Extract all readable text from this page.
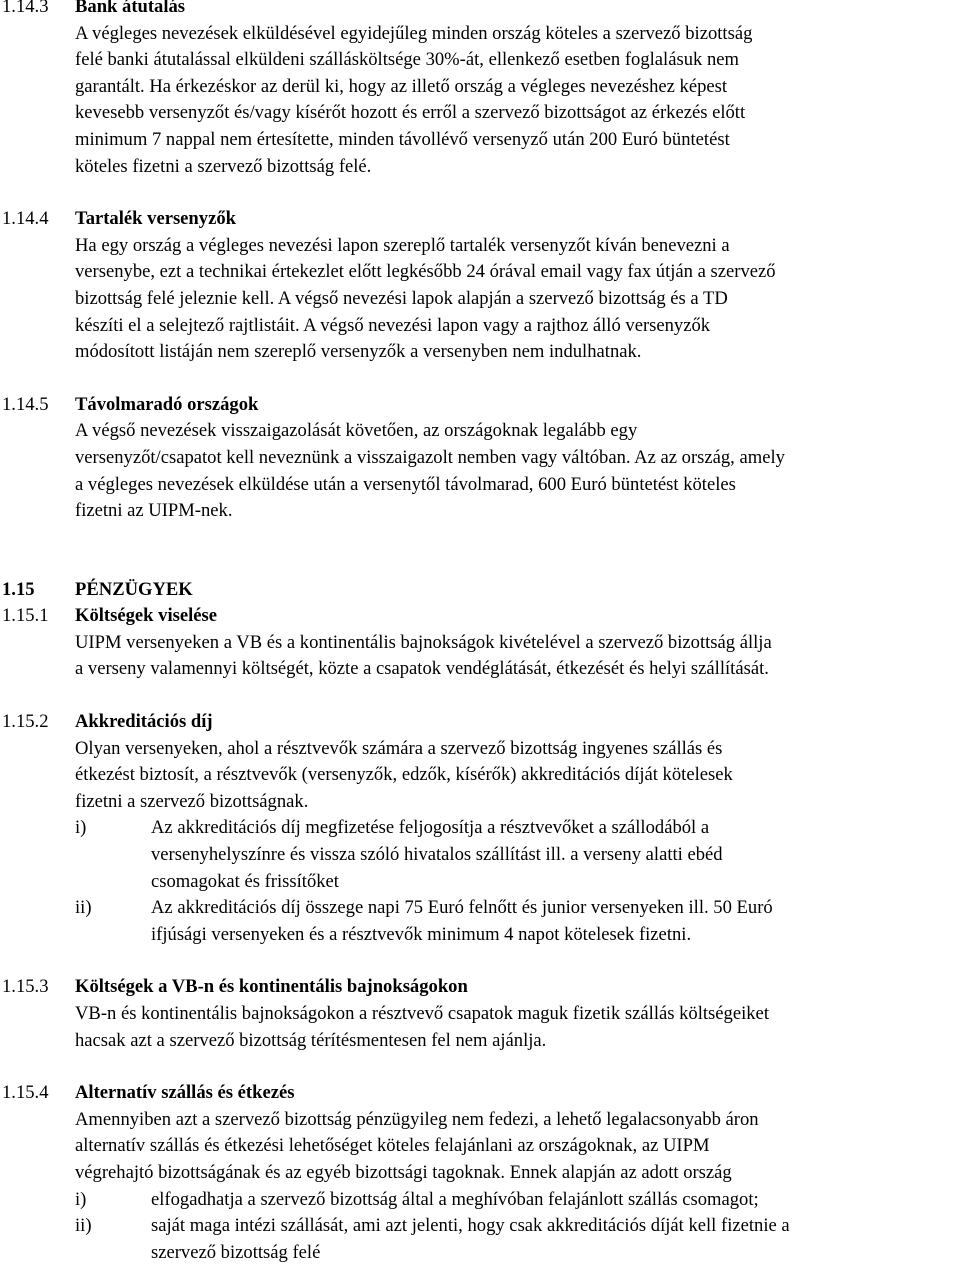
1.14.3 Bank átutalás
A végleges nevezések elküldésével egyidejűleg minden ország köteles a szervező bizottság
felé banki átutalással elküldeni szállásköltsége 30%-át, ellenkező esetben foglalásuk nem
garantált. Ha érkezéskor az derül ki, hogy az illető ország a végleges nevezéshez képest
kevesebb versenyzőt és/vagy kísérőt hozott és erről a szervező bizottságot az érkezés előtt
minimum 7 nappal nem értesítette, minden távollévő versenyző után 200 Euró büntetést
köteles fizetni a szervező bizottság felé.
1.14.4 Tartalék versenyzők
Ha egy ország a végleges nevezési lapon szereplő tartalék versenyzőt kíván benevezni a
versenybe, ezt a technikai értekezlet előtt legkésőbb 24 órával email vagy fax útján a szervező
bizottság felé jeleznie kell. A végső nevezési lapok alapján a szervező bizottság és a TD
készíti el a selejtező rajtlistáit. A végső nevezési lapon vagy a rajthoz álló versenyzők
módosított listáján nem szereplő versenyzők a versenyben nem indulhatnak.
1.14.5 Távolmaradó országok
A végső nevezések visszaigazolását követően, az országoknak legalább egy
versenyzőt/csapatot kell neveznünk a visszaigazolt nemben vagy váltóban. Az az ország, amely
a végleges nevezések elküldése után a versenytől távolmarad, 600 Euró büntetést köteles
fizetni az UIPM-nek.
1.15 PÉNZÜGYEK
1.15.1 Költségek viselése
UIPM versenyeken a VB és a kontinentális bajnokságok kivételével a szervező bizottság állja
a verseny valamennyi költségét, közte a csapatok vendéglátását, étkezését és helyi szállítását.
1.15.2 Akkreditációs díj
Olyan versenyeken, ahol a résztvevők számára a szervező bizottság ingyenes szállás és
étkezést biztosít, a résztvevők (versenyzők, edzők, kísérők) akkreditációs díját kötelesek
fizetni a szervező bizottságnak.
i)	Az akkreditációs díj megfizetése feljogosítja a résztvevőket a szállodából a
versenyhelyszínre és vissza szóló hivatalos szállítást ill. a verseny alatti ebéd
csomagokat és frissítőket
ii)	Az akkreditációs díj összege napi 75 Euró felnőtt és junior versenyeken ill. 50 Euró
ifjúsági versenyeken és a résztvevők minimum 4 napot kötelesek fizetni.
1.15.3 Költségek a VB-n és kontinentális bajnokságokon
VB-n és kontinentális bajnokságokon a résztvevő csapatok maguk fizetik szállás költségeiket
hacsak azt a szervező bizottság térítésmentesen fel nem ajánlja.
1.15.4 Alternatív szállás és étkezés
Amennyiben azt a szervező bizottság pénzügyileg nem fedezi, a lehető legalacsonyabb áron
alternatív szállás és étkezési lehetőséget köteles felajánlani az országoknak, az UIPM
végrehajtó bizottságának és az egyéb bizottsági tagoknak. Ennek alapján az adott ország
i)	elfogadhatja a szervező bizottság által a meghívóban felajánlott szállás csomagot;
ii)	saját maga intézi szállását, ami azt jelenti, hogy csak akkreditációs díját kell fizetnie a
szervező bizottság felé
